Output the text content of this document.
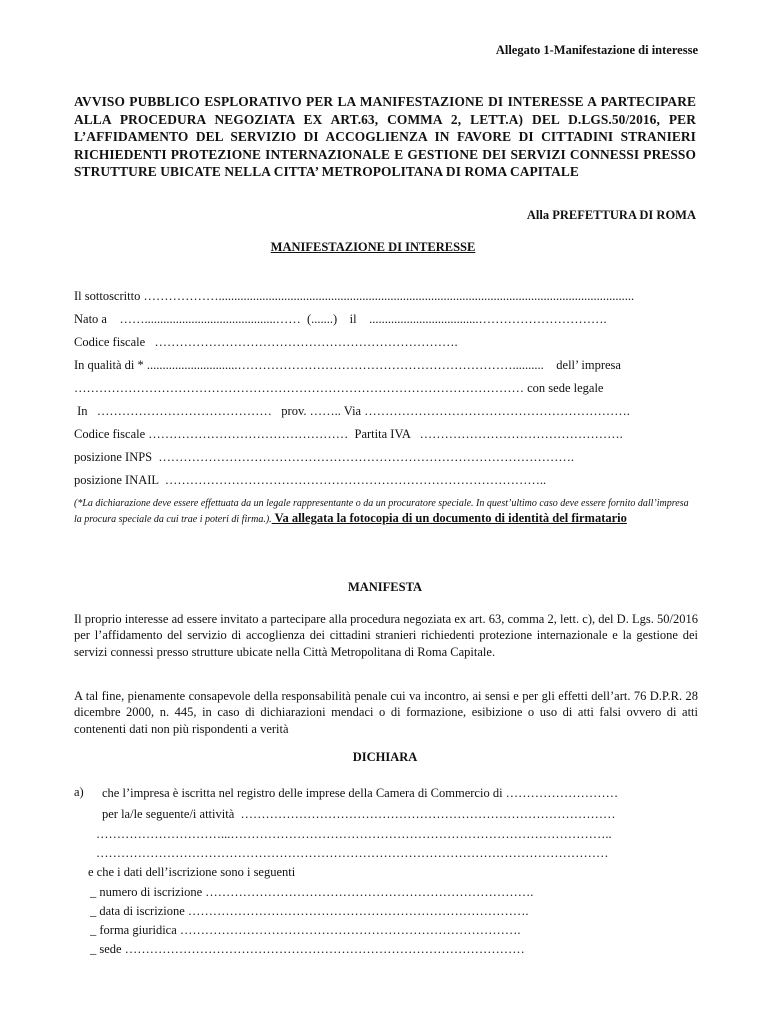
Allegato 1-Manifestazione di interesse
AVVISO PUBBLICO ESPLORATIVO PER LA MANIFESTAZIONE DI INTERESSE A PARTECIPARE ALLA PROCEDURA NEGOZIATA EX ART.63, COMMA 2, LETT.A) DEL D.LGS.50/2016, PER L’AFFIDAMENTO DEL SERVIZIO DI ACCOGLIENZA IN FAVORE DI CITTADINI STRANIERI RICHIEDENTI PROTEZIONE INTERNAZIONALE E GESTIONE DEI SERVIZI CONNESSI PRESSO STRUTTURE UBICATE NELLA CITTA’ METROPOLITANA DI ROMA CAPITALE
Alla PREFETTURA DI ROMA
MANIFESTAZIONE DI INTERESSE
Il sottoscritto ……………….....................................................................................................................................
Nato a    ……..........................................……  (.......)    il    ...................................………………………….
Codice fiscale   ……………………………………………………………….
In qualità di * .............................…………………………………………………………..........    dell’ impresa
……………………………………………………………………………………………… con sede legale
In   ……………………………………   prov. …….. Via ……………………………………………………….
Codice fiscale …………………………………………  Partita IVA   ………………………………………….
posizione INPS  ……………………………………………………………………………………….
posizione INAIL  ………………………………………………………………………………..
(*La dichiarazione deve essere effettuata da un legale rappresentante o da un procuratore speciale. In quest’ultimo caso deve essere fornito dall’impresa la procura speciale da cui trae i poteri di firma.). Va allegata la fotocopia di un documento di identità del firmatario
MANIFESTA
Il proprio interesse ad essere invitato a partecipare alla procedura negoziata ex art. 63, comma 2, lett. c), del D. Lgs. 50/2016 per l’affidamento del servizio di accoglienza dei cittadini stranieri richiedenti protezione internazionale e la gestione dei servizi connessi presso strutture ubicate nella Città Metropolitana di Roma Capitale.
A tal fine, pienamente consapevole della responsabilità penale cui va incontro, ai sensi e per gli effetti dell’art. 76 D.P.R. 28 dicembre 2000, n. 445, in caso di dichiarazioni mendaci o di formazione, esibizione o uso di atti falsi ovvero di atti contenenti dati non più rispondenti a verità
DICHIARA
a) che l’impresa è iscritta nel registro delle imprese della Camera di Commercio di ………………………
per la/le seguente/i attività  ………………………………………………………………………………
…………………………...………………………………………………………………………………..
……………………………………………………………………………………………………………
e che i dati dell’iscrizione sono i seguenti
_ numero di iscrizione …………………………………………………………………….
_ data di iscrizione ……………………………………………………………………….
_ forma giuridica ……………………………………………………………………….
_ sede ……………………………………………………………………………………
